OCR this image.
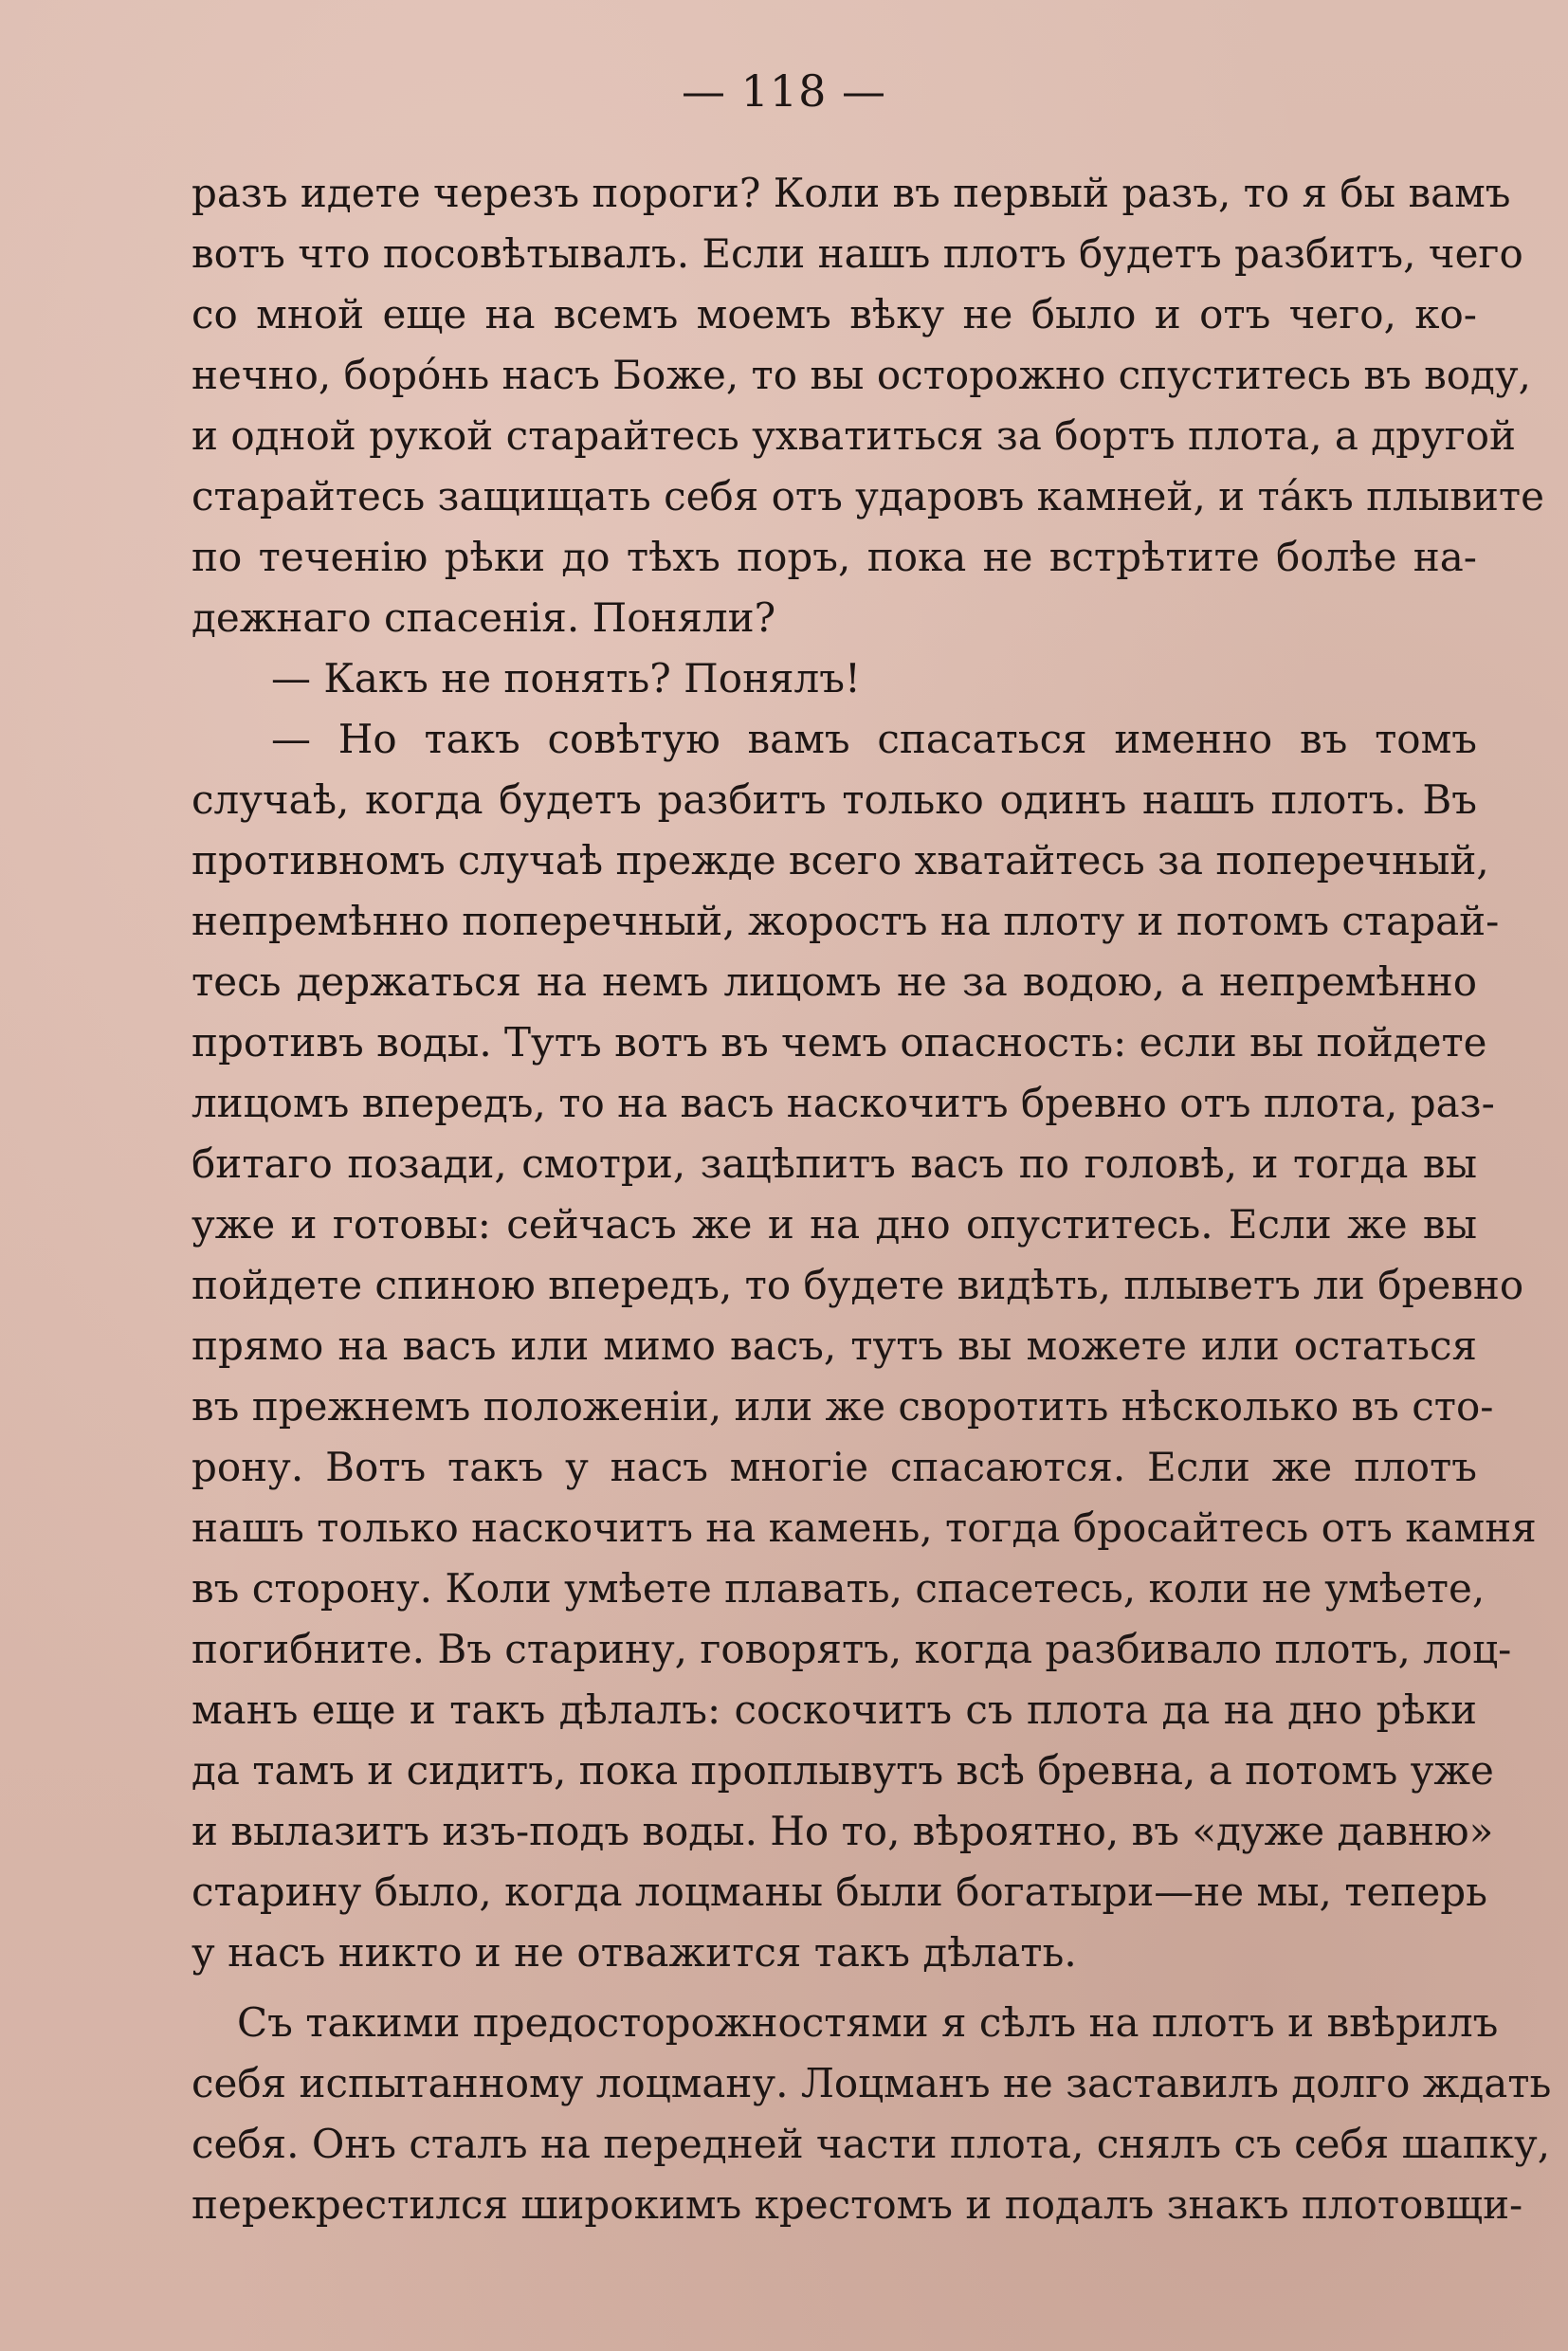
— 118 —
разъ идете черезъ пороги? Коли въ первый разъ, то я бы вамъ
вотъ что посовѣтывалъ. Если нашъ плотъ будетъ разбитъ, чего
со мной еще на всемъ моемъ вѣку не было и отъ чего, ко-
нечно, борóнь насъ Боже, то вы осторожно спуститесь въ воду,
и одной рукой старайтесь ухватиться за бортъ плота, а другой
старайтесь защищать себя отъ ударовъ камней, и тáкъ плывите
по теченію рѣки до тѣхъ поръ, пока не встрѣтите болѣе на-
дежнаго спасенія. Поняли?
— Какъ не понять? Понялъ!
— Но такъ совѣтую вамъ спасаться именно въ томъ
случаѣ, когда будетъ разбитъ только одинъ нашъ плотъ. Въ
противномъ случаѣ прежде всего хватайтесь за поперечный,
непремѣнно поперечный, жоростъ на плоту и потомъ старай-
тесь держаться на немъ лицомъ не за водою, а непремѣнно
противъ воды. Тутъ вотъ въ чемъ опасность: если вы пойдете
лицомъ впередъ, то на васъ наскочитъ бревно отъ плота, раз-
битаго позади, смотри, зацѣпитъ васъ по головѣ, и тогда вы
уже и готовы: сейчасъ же и на дно опуститесь. Если же вы
пойдете спиною впередъ, то будете видѣть, плыветъ ли бревно
прямо на васъ или мимо васъ, тутъ вы можете или остаться
въ прежнемъ положеніи, или же своротить нѣсколько въ сто-
рону. Вотъ такъ у насъ многіе спасаются. Если же плотъ
нашъ только наскочитъ на камень, тогда бросайтесь отъ камня
въ сторону. Коли умѣете плавать, спасетесь, коли не умѣете,
погибните. Въ старину, говорятъ, когда разбивало плотъ, лоц-
манъ еще и такъ дѣлалъ: соскочитъ съ плота да на дно рѣки
да тамъ и сидитъ, пока проплывутъ всѣ бревна, а потомъ уже
и вылазитъ изъ-подъ воды. Но то, вѣроятно, въ «дуже давню»
старину было, когда лоцманы были богатыри—не мы, теперь
у насъ никто и не отважится такъ дѣлать.
Съ такими предосторожностями я сѣлъ на плотъ и ввѣрилъ
себя испытанному лоцману. Лоцманъ не заставилъ долго ждать
себя. Онъ сталъ на передней части плота, снялъ съ себя шапку,
перекрестился широкимъ крестомъ и подалъ знакъ плотовщи-
